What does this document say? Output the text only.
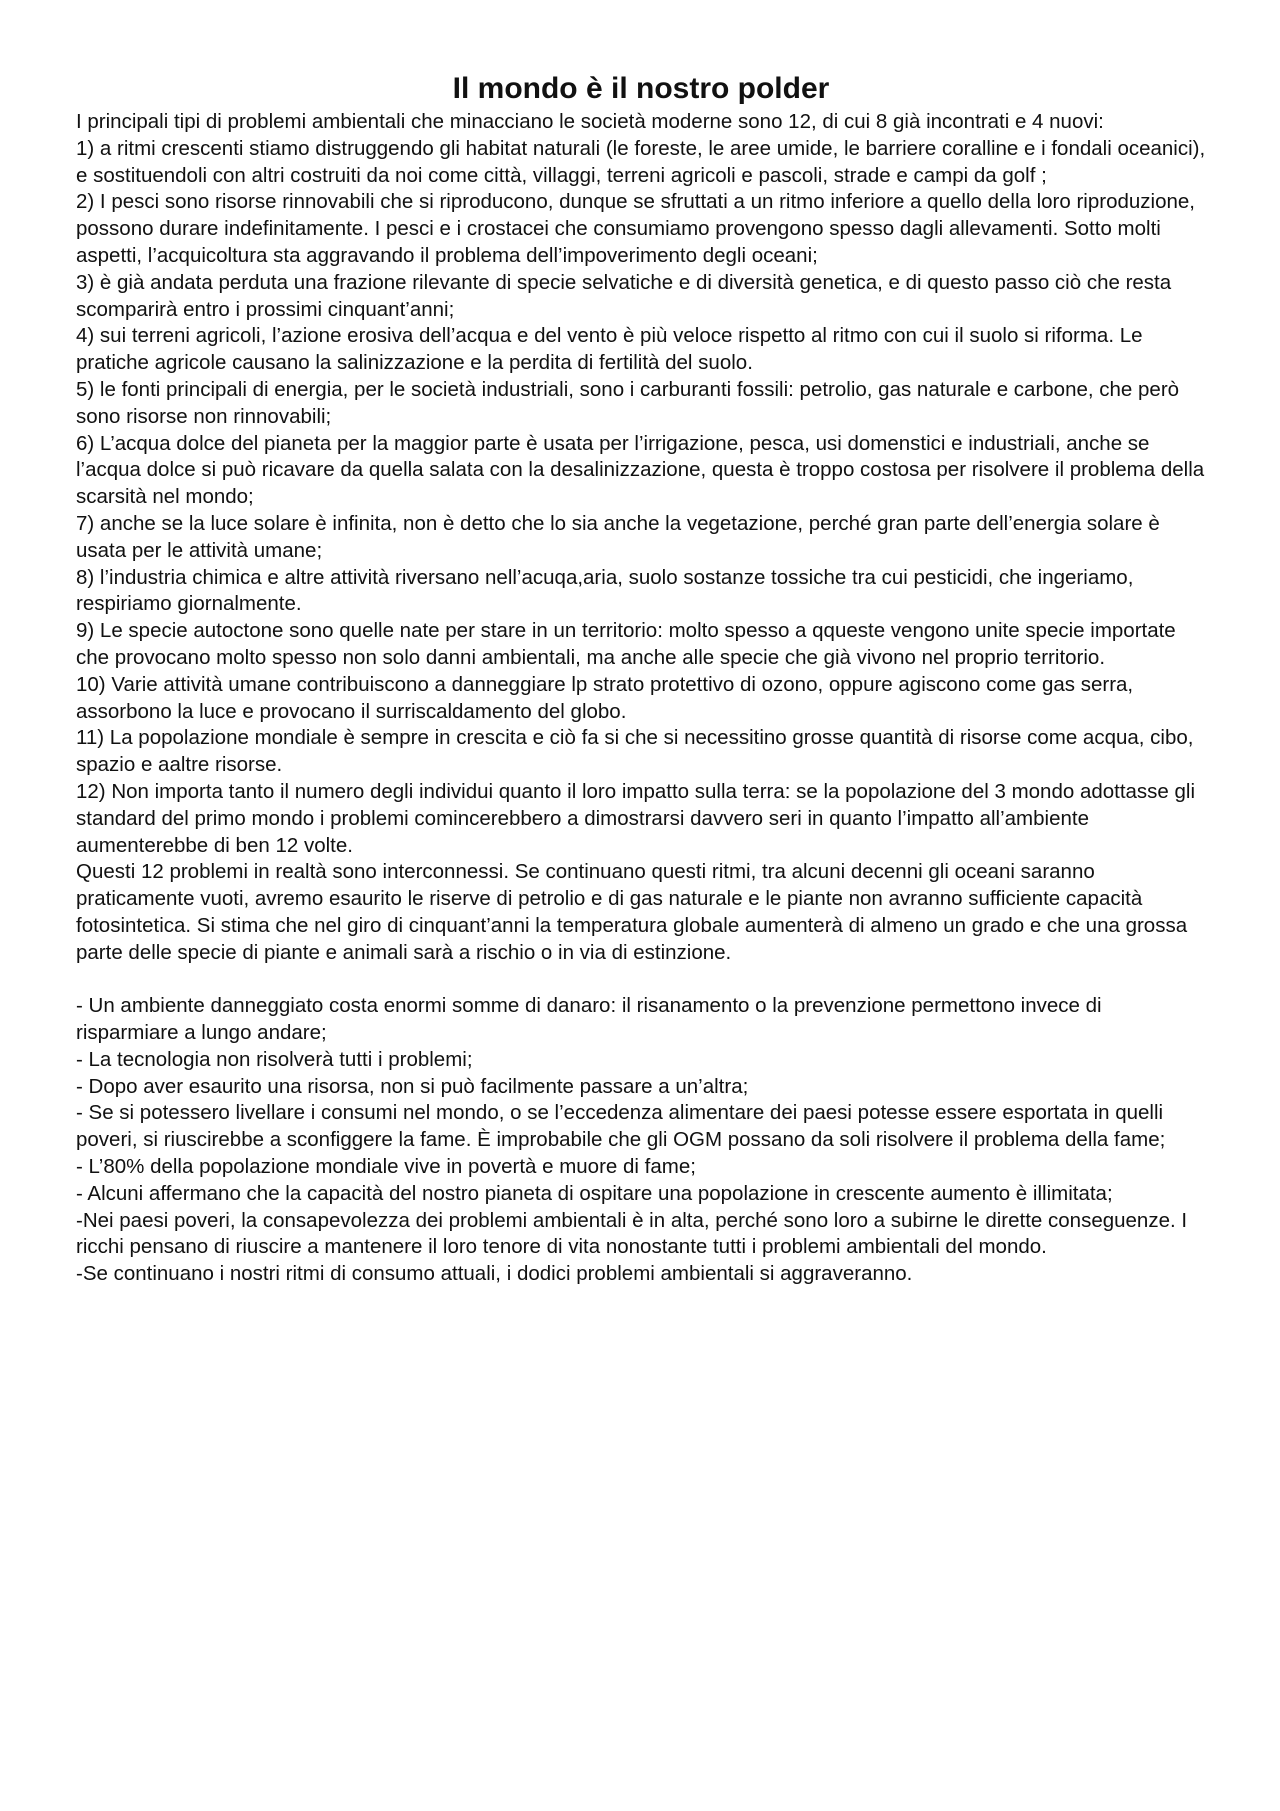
Il mondo è il nostro polder

I principali tipi di problemi ambientali che minacciano le società moderne sono 12, di cui 8 già incontrati e 4 nuovi:

1) a ritmi crescenti stiamo distruggendo gli habitat naturali (le foreste, le aree umide, le barriere coralline e i fondali oceanici), e sostituendoli con altri costruiti da noi come città, villaggi, terreni agricoli e pascoli, strade e campi da golf ;

2) I pesci sono risorse rinnovabili che si riproducono, dunque se sfruttati a un ritmo inferiore a quello della loro riproduzione, possono durare indefinitamente. I pesci e i crostacei che consumiamo provengono spesso dagli allevamenti. Sotto molti aspetti, l’acquicoltura sta aggravando il problema dell’impoverimento degli oceani;

3) è già andata perduta una frazione rilevante di specie selvatiche e di diversità genetica, e di questo passo ciò che resta scomparirà entro i prossimi cinquant’anni;

4) sui terreni agricoli, l’azione erosiva dell’acqua e del vento è più veloce rispetto al ritmo con cui il suolo si riforma. Le pratiche agricole causano la salinizzazione e la perdita di fertilità del suolo.

5) le fonti principali di energia, per le società industriali, sono i carburanti fossili: petrolio, gas naturale e carbone, che però sono risorse non rinnovabili;

6) L’acqua dolce del pianeta per la maggior parte è usata per l’irrigazione, pesca, usi domenstici e industriali, anche se l’acqua dolce si può ricavare da quella salata con la desalinizzazione, questa è troppo costosa per risolvere il problema della scarsità nel mondo;

7) anche se la luce solare è infinita, non è detto che lo sia anche la vegetazione, perché gran parte dell’energia solare è usata per le attività umane;

8) l’industria chimica e altre attività riversano nell’acuqa,aria, suolo sostanze tossiche tra cui pesticidi, che ingeriamo, respiriamo giornalmente.

9) Le specie autoctone sono quelle nate per stare in un territorio: molto spesso a qqueste vengono unite specie importate che provocano molto spesso non solo danni ambientali, ma anche alle specie che già vivono nel proprio territorio.

10) Varie attività umane contribuiscono a danneggiare lp strato protettivo di ozono, oppure agiscono come gas serra, assorbono la luce e provocano il surriscaldamento del globo.

11) La popolazione mondiale è sempre in crescita e ciò fa si che si necessitino grosse quantità di risorse come acqua, cibo, spazio e aaltre risorse.

12) Non importa tanto il numero degli individui quanto il loro impatto sulla terra: se la popolazione del 3 mondo adottasse gli standard del primo mondo i problemi comincerebbero a dimostrarsi davvero seri in quanto l’impatto all’ambiente aumenterebbe di ben 12 volte.

Questi 12 problemi in realtà sono interconnessi. Se continuano questi ritmi, tra alcuni decenni gli oceani saranno praticamente vuoti, avremo esaurito le riserve di petrolio e di gas naturale e le piante non avranno sufficiente capacità fotosintetica. Si stima che nel giro di cinquant’anni la temperatura globale aumenterà di almeno un grado e che una grossa parte delle specie di piante e animali sarà a rischio o in via di estinzione.

- Un ambiente danneggiato costa enormi somme di danaro: il risanamento o la prevenzione permettono invece di risparmiare a lungo andare;

- La tecnologia non risolverà tutti i problemi;

- Dopo aver esaurito una risorsa, non si può facilmente passare a un’altra;

- Se si potessero livellare i consumi nel mondo, o se l’eccedenza alimentare dei paesi potesse essere esportata in quelli poveri, si riuscirebbe a sconfiggere la fame. È improbabile che gli OGM possano da soli risolvere il problema della fame;

- L’80% della popolazione mondiale vive in povertà e muore di fame;

- Alcuni affermano che la capacità del nostro pianeta di ospitare una popolazione in crescente aumento è illimitata;

-Nei paesi poveri, la consapevolezza dei problemi ambientali è in alta, perché sono loro a subirne le dirette conseguenze. I ricchi pensano di riuscire a mantenere il loro tenore di vita nonostante tutti i problemi ambientali del mondo.

-Se continuano i nostri ritmi di consumo attuali, i dodici problemi ambientali si aggraveranno.
